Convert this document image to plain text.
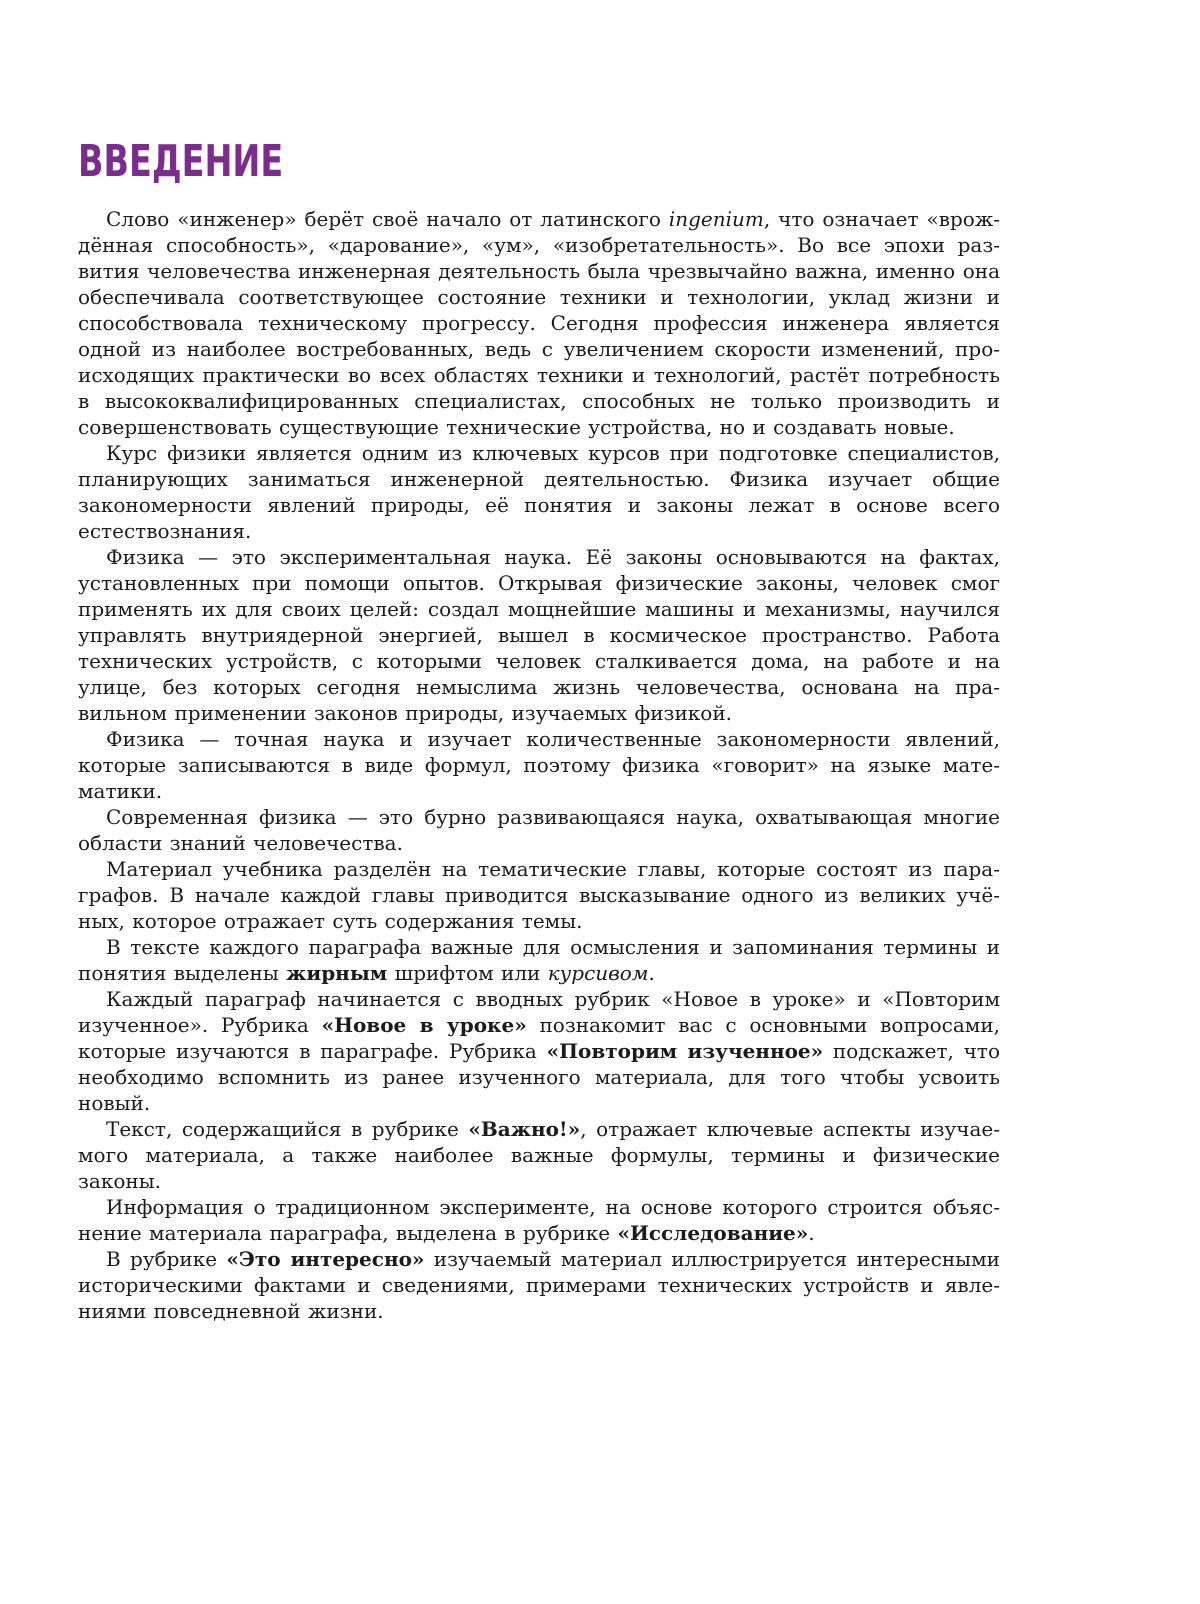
ВВЕДЕНИЕ

Слово «инженер» берёт своё начало от латинского ingenium, что означает «врождённая способность», «дарование», «ум», «изобретательность». Во все эпохи развития человечества инженерная деятельность была чрезвычайно важна, именно она обеспечивала соответствующее состояние техники и технологии, уклад жизни и способствовала техническому прогрессу. Сегодня профессия инженера является одной из наиболее востребованных, ведь с увеличением скорости изменений, происходящих практически во всех областях техники и технологий, растёт потребность в высококвалифицированных специалистах, способных не только производить и совершенствовать существующие технические устройства, но и создавать новые.

Курс физики является одним из ключевых курсов при подготовке специалистов, планирующих заниматься инженерной деятельностью. Физика изучает общие закономерности явлений природы, её понятия и законы лежат в основе всего естествознания.

Физика — это экспериментальная наука. Её законы основываются на фактах, установленных при помощи опытов. Открывая физические законы, человек смог применять их для своих целей: создал мощнейшие машины и механизмы, научился управлять внутриядерной энергией, вышел в космическое пространство. Работа технических устройств, с которыми человек сталкивается дома, на работе и на улице, без которых сегодня немыслима жизнь человечества, основана на правильном применении законов природы, изучаемых физикой.

Физика — точная наука и изучает количественные закономерности явлений, которые записываются в виде формул, поэтому физика «говорит» на языке математики.

Современная физика — это бурно развивающаяся наука, охватывающая многие области знаний человечества.

Материал учебника разделён на тематические главы, которые состоят из параграфов. В начале каждой главы приводится высказывание одного из великих учёных, которое отражает суть содержания темы.

В тексте каждого параграфа важные для осмысления и запоминания термины и понятия выделены жирным шрифтом или курсивом.

Каждый параграф начинается с вводных рубрик «Новое в уроке» и «Повторим изученное». Рубрика «Новое в уроке» познакомит вас с основными вопросами, которые изучаются в параграфе. Рубрика «Повторим изученное» подскажет, что необходимо вспомнить из ранее изученного материала, для того чтобы усвоить новый.

Текст, содержащийся в рубрике «Важно!», отражает ключевые аспекты изучаемого материала, а также наиболее важные формулы, термины и физические законы.

Информация о традиционном эксперименте, на основе которого строится объяснение материала параграфа, выделена в рубрике «Исследование».

В рубрике «Это интересно» изучаемый материал иллюстрируется интересными историческими фактами и сведениями, примерами технических устройств и явлениями повседневной жизни.
